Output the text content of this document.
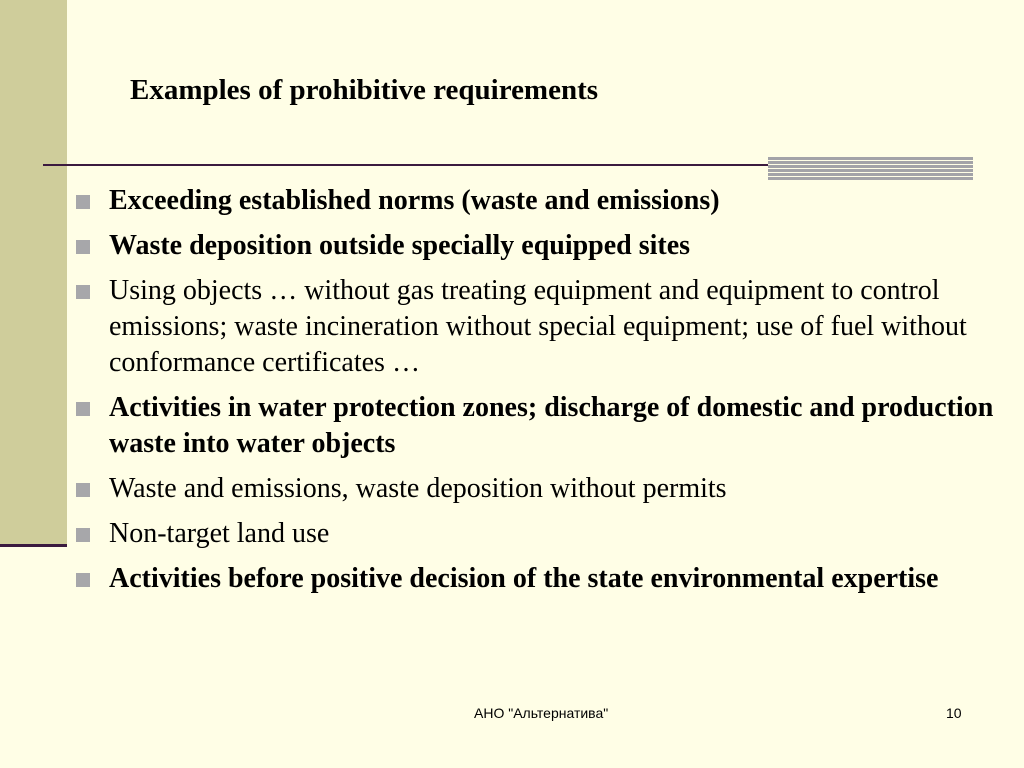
Examples of prohibitive requirements
Exceeding established norms (waste and emissions)
Waste deposition outside specially equipped sites
Using objects … without gas treating equipment and equipment to control emissions; waste incineration without special equipment; use of fuel without conformance certificates …
Activities in water protection zones; discharge of domestic and production waste into water objects
Waste and emissions, waste deposition without permits
Non-target land use
Activities before positive decision of the state environmental expertise
АНО "Альтернатива"	10
